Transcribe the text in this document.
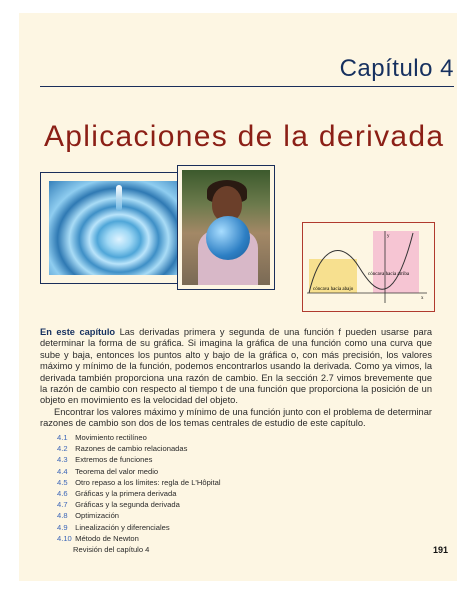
Capítulo 4
Aplicaciones de la derivada
x
y
cóncava hacia abajo
cóncava hacia arriba

En este capítulo Las derivadas primera y segunda de una función f pueden usarse para determinar la forma de su gráfica. Si imagina la gráfica de una función como una curva que sube y baja, entonces los puntos alto y bajo de la gráfica o, con más precisión, los valores máximo y mínimo de la función, podemos encontrarlos usando la derivada. Como ya vimos, la derivada también proporciona una razón de cambio. En la sección 2.7 vimos brevemente que la razón de cambio con respecto al tiempo t de una función que proporciona la posición de un objeto en movimiento es la velocidad del objeto.

Encontrar los valores máximo y mínimo de una función junto con el problema de determinar razones de cambio son dos de los temas centrales de estudio de este capítulo.

4.1 Movimiento rectilíneo
4.2 Razones de cambio relacionadas
4.3 Extremos de funciones
4.4 Teorema del valor medio
4.5 Otro repaso a los límites: regla de L'Hôpital
4.6 Gráficas y la primera derivada
4.7 Gráficas y la segunda derivada
4.8 Optimización
4.9 Linealización y diferenciales
4.10 Método de Newton
Revisión del capítulo 4	191
